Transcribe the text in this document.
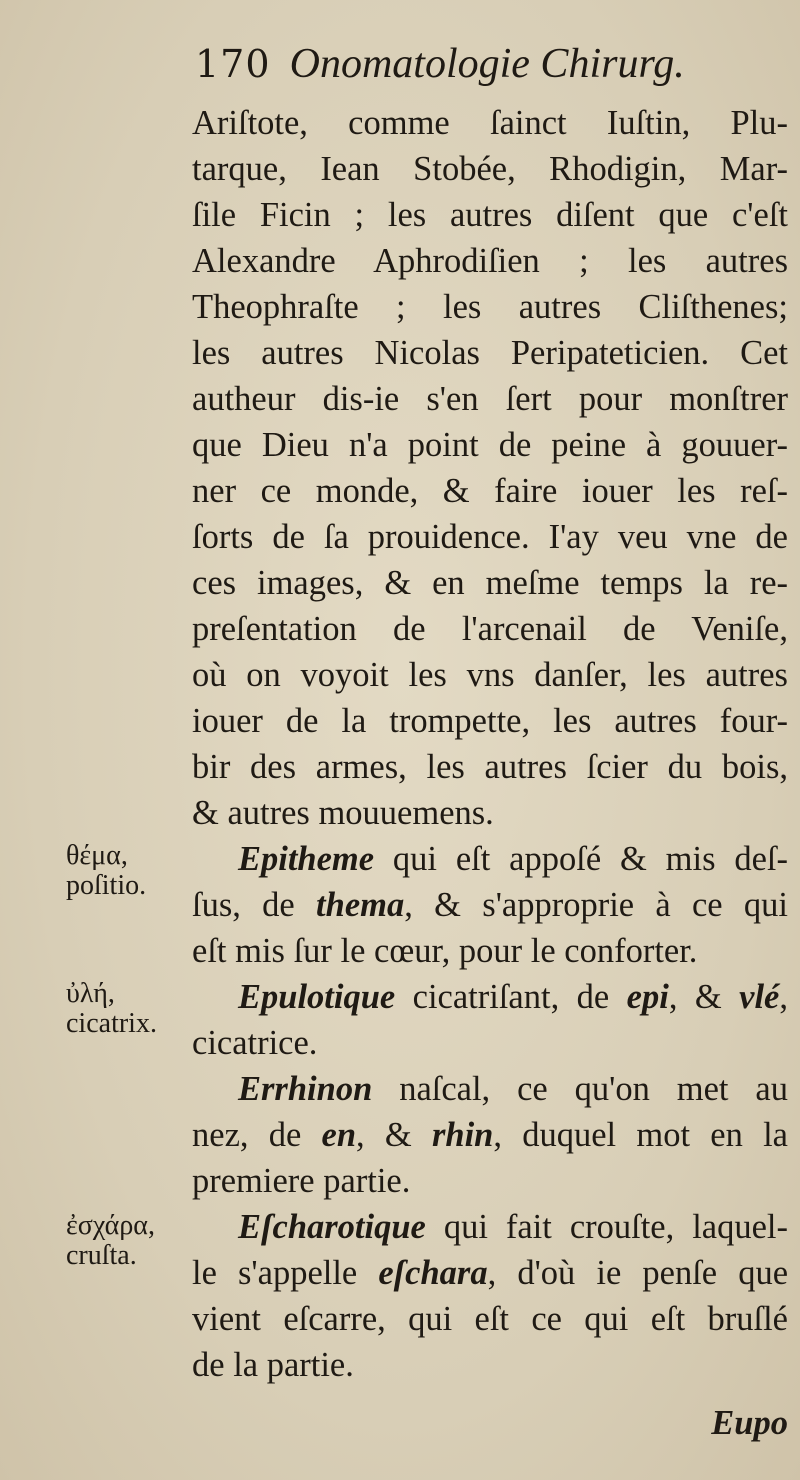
170 Onomatologie Chirurg.
Ariſtote, comme ſainct Iuſtin, Plu-
tarque, Iean Stobée, Rhodigin, Mar-
ſile Ficin ; les autres diſent que c'eſt
Alexandre Aphrodiſien ; les autres
Theophraſte ; les autres Cliſthenes;
les autres Nicolas Peripateticien. Cet
autheur dis-ie s'en ſert pour monſtrer
que Dieu n'a point de peine à gouuer-
ner ce monde, & faire iouer les reſ-
ſorts de ſa prouidence. I'ay veu vne de
ces images, & en meſme temps la re-
preſentation de l'arcenail de Veniſe,
où on voyoit les vns danſer, les autres
iouer de la trompette, les autres four-
bir des armes, les autres ſcier du bois,
& autres mouuemens.
θέμα,
poſitio.
Epitheme qui eſt appoſé & mis deſ-
ſus, de thema, & s'approprie à ce qui
eſt mis ſur le cœur, pour le conforter.
ὐλή,
cicatrix.
Epulotique cicatriſant, de epi, & vlé,
cicatrice.
Errhinon naſcal, ce qu'on met au
nez, de en, & rhin, duquel mot en la
premiere partie.
ἐσχάρα,
cruſta.
Eſcharotique qui fait crouſte, laquel-
le s'appelle eſchara, d'où ie penſe que
vient eſcarre, qui eſt ce qui eſt bruſlé
de la partie.
Eupo
